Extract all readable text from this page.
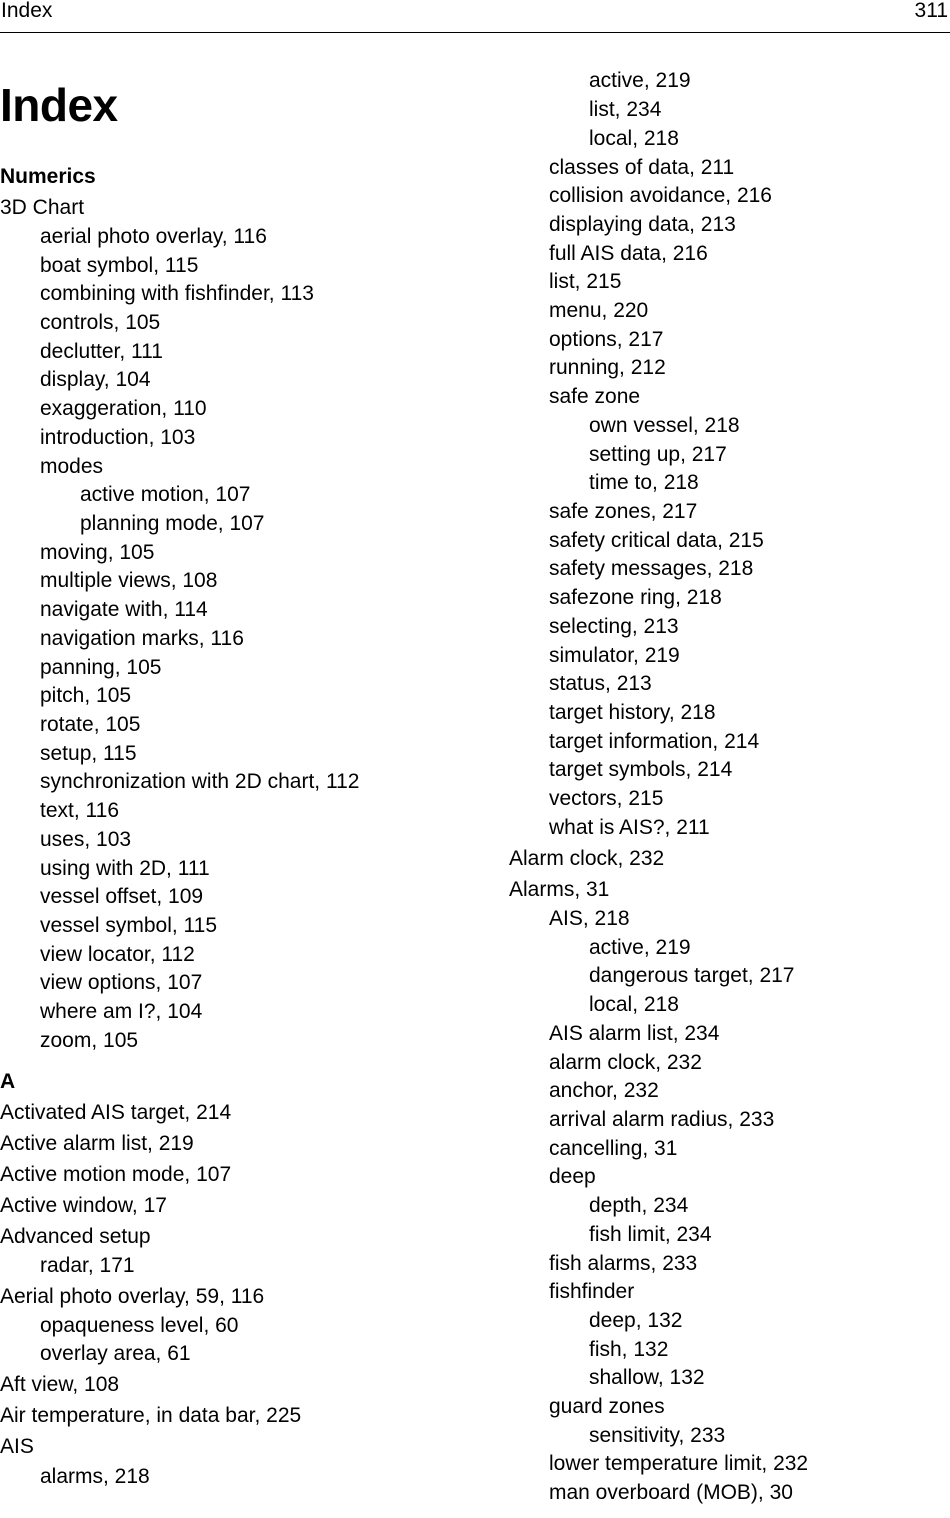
Index	311
Index
Numerics
3D Chart
aerial photo overlay, 116
boat symbol, 115
combining with fishfinder, 113
controls, 105
declutter, 111
display, 104
exaggeration, 110
introduction, 103
modes
active motion, 107
planning mode, 107
moving, 105
multiple views, 108
navigate with, 114
navigation marks, 116
panning, 105
pitch, 105
rotate, 105
setup, 115
synchronization with 2D chart, 112
text, 116
uses, 103
using with 2D, 111
vessel offset, 109
vessel symbol, 115
view locator, 112
view options, 107
where am I?, 104
zoom, 105
A
Activated AIS target, 214
Active alarm list, 219
Active motion mode, 107
Active window, 17
Advanced setup
radar, 171
Aerial photo overlay, 59, 116
opaqueness level, 60
overlay area, 61
Aft view, 108
Air temperature, in data bar, 225
AIS
alarms, 218
active, 219
list, 234
local, 218
classes of data, 211
collision avoidance, 216
displaying data, 213
full AIS data, 216
list, 215
menu, 220
options, 217
running, 212
safe zone
own vessel, 218
setting up, 217
time to, 218
safe zones, 217
safety critical data, 215
safety messages, 218
safezone ring, 218
selecting, 213
simulator, 219
status, 213
target history, 218
target information, 214
target symbols, 214
vectors, 215
what is AIS?, 211
Alarm clock, 232
Alarms, 31
AIS, 218
active, 219
dangerous target, 217
local, 218
AIS alarm list, 234
alarm clock, 232
anchor, 232
arrival alarm radius, 233
cancelling, 31
deep
depth, 234
fish limit, 234
fish alarms, 233
fishfinder
deep, 132
fish, 132
shallow, 132
guard zones
sensitivity, 233
lower temperature limit, 232
man overboard (MOB), 30
